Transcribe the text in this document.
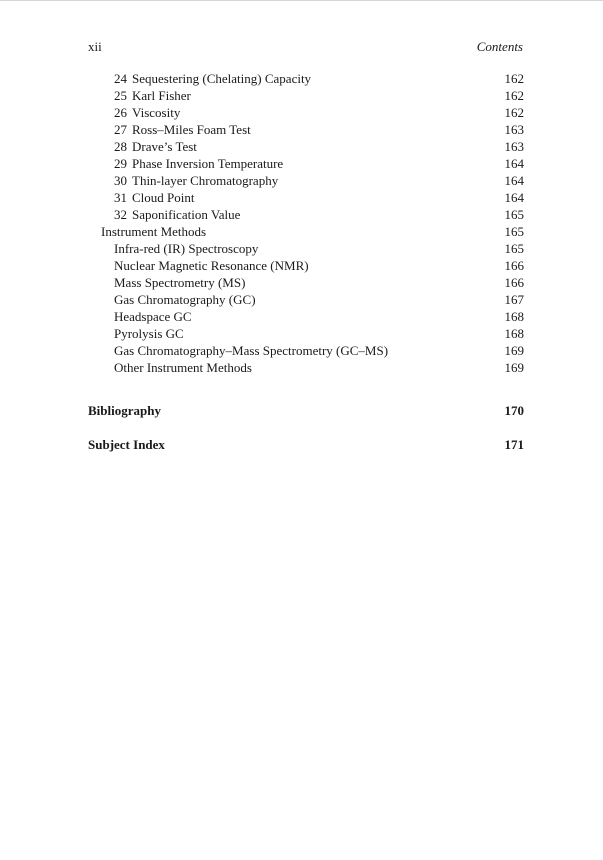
xii	Contents
24 Sequestering (Chelating) Capacity	162
25 Karl Fisher	162
26 Viscosity	162
27 Ross–Miles Foam Test	163
28 Drave’s Test	163
29 Phase Inversion Temperature	164
30 Thin-layer Chromatography	164
31 Cloud Point	164
32 Saponification Value	165
Instrument Methods	165
Infra-red (IR) Spectroscopy	165
Nuclear Magnetic Resonance (NMR)	166
Mass Spectrometry (MS)	166
Gas Chromatography (GC)	167
Headspace GC	168
Pyrolysis GC	168
Gas Chromatography–Mass Spectrometry (GC–MS)	169
Other Instrument Methods	169
Bibliography	170
Subject Index	171
